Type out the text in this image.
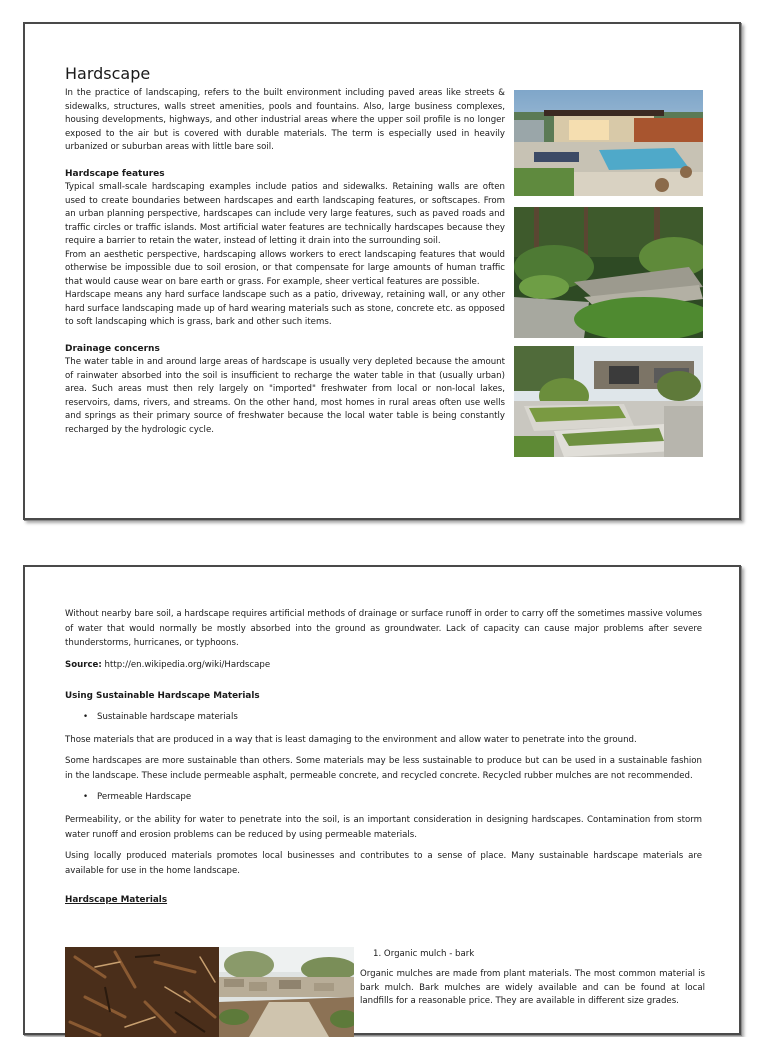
Hardscape

In the practice of landscaping, refers to the built environment including paved areas like streets & sidewalks, structures, walls street amenities, pools and fountains. Also, large business complexes, housing developments, highways, and other industrial areas where the upper soil profile is no longer exposed to the air but is covered with durable materials. The term is especially used in heavily urbanized or suburban areas with little bare soil.

Hardscape features

Typical small-scale hardscaping examples include patios and sidewalks. Retaining walls are often used to create boundaries between hardscapes and earth landscaping features, or softscapes. From an urban planning perspective, hardscapes can include very large features, such as paved roads and traffic circles or traffic islands. Most artificial water features are technically hardscapes because they require a barrier to retain the water, instead of letting it drain into the surrounding soil.

From an aesthetic perspective, hardscaping allows workers to erect landscaping features that would otherwise be impossible due to soil erosion, or that compensate for large amounts of human traffic that would cause wear on bare earth or grass. For example, sheer vertical features are possible.

Hardscape means any hard surface landscape such as a patio, driveway, retaining wall, or any other hard surface landscaping made up of hard wearing materials such as stone, concrete etc. as opposed to soft landscaping which is grass, bark and other such items.

Drainage concerns

The water table in and around large areas of hardscape is usually very depleted because the amount of rainwater absorbed into the soil is insufficient to recharge the water table in that (usually urban) area. Such areas must then rely largely on "imported" freshwater from local or non-local lakes, reservoirs, dams, rivers, and streams. On the other hand, most homes in rural areas often use wells and springs as their primary source of freshwater because the local water table is being constantly recharged by the hydrologic cycle.

Without nearby bare soil, a hardscape requires artificial methods of drainage or surface runoff in order to carry off the sometimes massive volumes of water that would normally be mostly absorbed into the ground as groundwater. Lack of capacity can cause major problems after severe thunderstorms, hurricanes, or typhoons.

Source: http://en.wikipedia.org/wiki/Hardscape

Using Sustainable Hardscape Materials

• Sustainable hardscape materials

Those materials that are produced in a way that is least damaging to the environment and allow water to penetrate into the ground.

Some hardscapes are more sustainable than others. Some materials may be less sustainable to produce but can be used in a sustainable fashion in the landscape. These include permeable asphalt, permeable concrete, and recycled concrete. Recycled rubber mulches are not recommended.

• Permeable Hardscape

Permeability, or the ability for water to penetrate into the soil, is an important consideration in designing hardscapes. Contamination from storm water runoff and erosion problems can be reduced by using permeable materials.

Using locally produced materials promotes local businesses and contributes to a sense of place. Many sustainable hardscape materials are available for use in the home landscape.

Hardscape Materials

1. Organic mulch - bark

Organic mulches are made from plant materials. The most common material is bark mulch. Bark mulches are widely available and can be found at local landfills for a reasonable price. They are available in different size grades.
